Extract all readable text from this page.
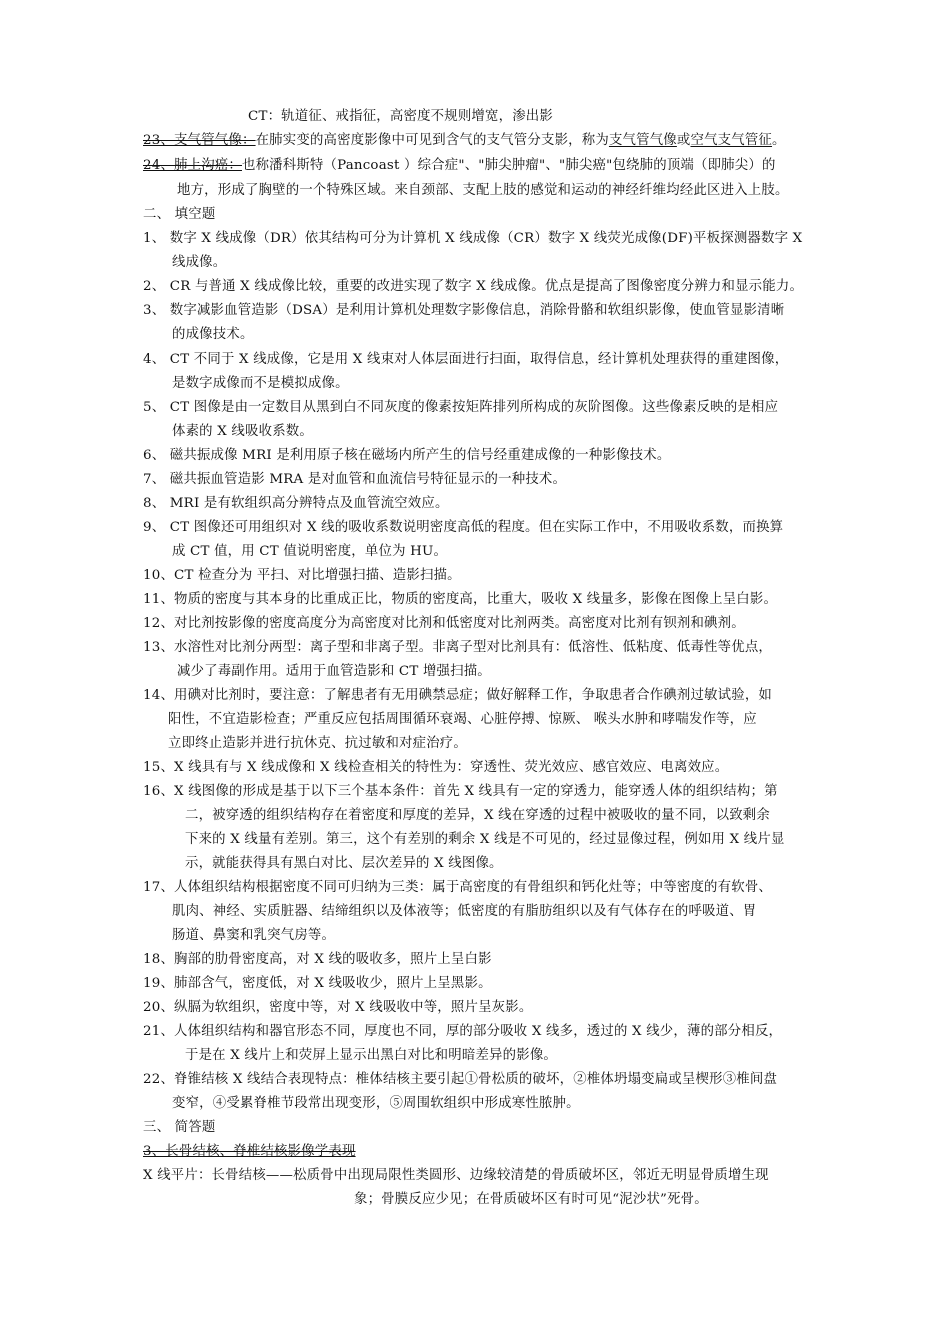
CT：轨道征、戒指征，高密度不规则增宽，渗出影
23、支气管气像：在肺实变的高密度影像中可见到含气的支气管分支影，称为支气管气像或空气支气管征。
24、肺上沟癌：也称潘科斯特（Pancoast ）综合症"、"肺尖肿瘤"、"肺尖癌"包绕肺的顶端（即肺尖）的
地方，形成了胸壁的一个特殊区域。来自颈部、支配上肢的感觉和运动的神经纤维均经此区进入上肢。
二、 填空题
1、 数字 X 线成像（DR）依其结构可分为计算机 X 线成像（CR）数字 X 线荧光成像(DF)平板探测器数字 X
线成像。
2、 CR 与普通 X 线成像比较，重要的改进实现了数字 X 线成像。优点是提高了图像密度分辨力和显示能力。
3、 数字减影血管造影（DSA）是利用计算机处理数字影像信息，消除骨骼和软组织影像，使血管显影清晰
的成像技术。
4、 CT 不同于 X 线成像，它是用 X 线束对人体层面进行扫面，取得信息，经计算机处理获得的重建图像，
是数字成像而不是模拟成像。
5、 CT 图像是由一定数目从黑到白不同灰度的像素按矩阵排列所构成的灰阶图像。这些像素反映的是相应
体素的 X 线吸收系数。
6、 磁共振成像 MRI 是利用原子核在磁场内所产生的信号经重建成像的一种影像技术。
7、 磁共振血管造影 MRA 是对血管和血流信号特征显示的一种技术。
8、 MRI 是有软组织高分辨特点及血管流空效应。
9、 CT 图像还可用组织对 X 线的吸收系数说明密度高低的程度。但在实际工作中，不用吸收系数，而换算
成 CT 值，用 CT 值说明密度，单位为 HU。
10、CT 检查分为 平扫、对比增强扫描、造影扫描。
11、物质的密度与其本身的比重成正比，物质的密度高，比重大，吸收 X 线量多，影像在图像上呈白影。
12、对比剂按影像的密度高度分为高密度对比剂和低密度对比剂两类。高密度对比剂有钡剂和碘剂。
13、水溶性对比剂分两型：离子型和非离子型。非离子型对比剂具有：低溶性、低粘度、低毒性等优点，
减少了毒副作用。适用于血管造影和 CT 增强扫描。
14、用碘对比剂时，要注意：了解患者有无用碘禁忌症；做好解释工作，争取患者合作碘剂过敏试验，如
阳性，不宜造影检查；严重反应包括周围循环衰竭、心脏停搏、惊厥、 喉头水肿和哮喘发作等，应
立即终止造影并进行抗休克、抗过敏和对症治疗。
15、X 线具有与 X 线成像和 X 线检查相关的特性为：穿透性、荧光效应、感官效应、电离效应。
16、X 线图像的形成是基于以下三个基本条件：首先 X 线具有一定的穿透力，能穿透人体的组织结构；第
二，被穿透的组织结构存在着密度和厚度的差异，X 线在穿透的过程中被吸收的量不同，以致剩余
下来的 X 线量有差别。第三，这个有差别的剩余 X 线是不可见的，经过显像过程，例如用 X 线片显
示，就能获得具有黑白对比、层次差异的 X 线图像。
17、人体组织结构根据密度不同可归纳为三类：属于高密度的有骨组织和钙化灶等；中等密度的有软骨、
肌肉、神经、实质脏器、结缔组织以及体液等；低密度的有脂肪组织以及有气体存在的呼吸道、胃
肠道、鼻窦和乳突气房等。
18、胸部的肋骨密度高，对 X 线的吸收多，照片上呈白影
19、肺部含气，密度低，对 X 线吸收少，照片上呈黑影。
20、纵膈为软组织，密度中等，对 X 线吸收中等，照片呈灰影。
21、人体组织结构和器官形态不同，厚度也不同，厚的部分吸收 X 线多，透过的 X 线少，薄的部分相反，
于是在 X 线片上和荧屏上显示出黑白对比和明暗差异的影像。
22、脊锥结核 X 线结合表现特点：椎体结核主要引起①骨松质的破坏，②椎体坍塌变扁或呈楔形③椎间盘
变窄，④受累脊椎节段常出现变形，⑤周围软组织中形成寒性脓肿。
三、 简答题
3、长骨结核、脊椎结核影像学表现
X 线平片：长骨结核——松质骨中出现局限性类圆形、边缘较清楚的骨质破坏区，邻近无明显骨质增生现
象；骨膜反应少见；在骨质破坏区有时可见“泥沙状”死骨。
